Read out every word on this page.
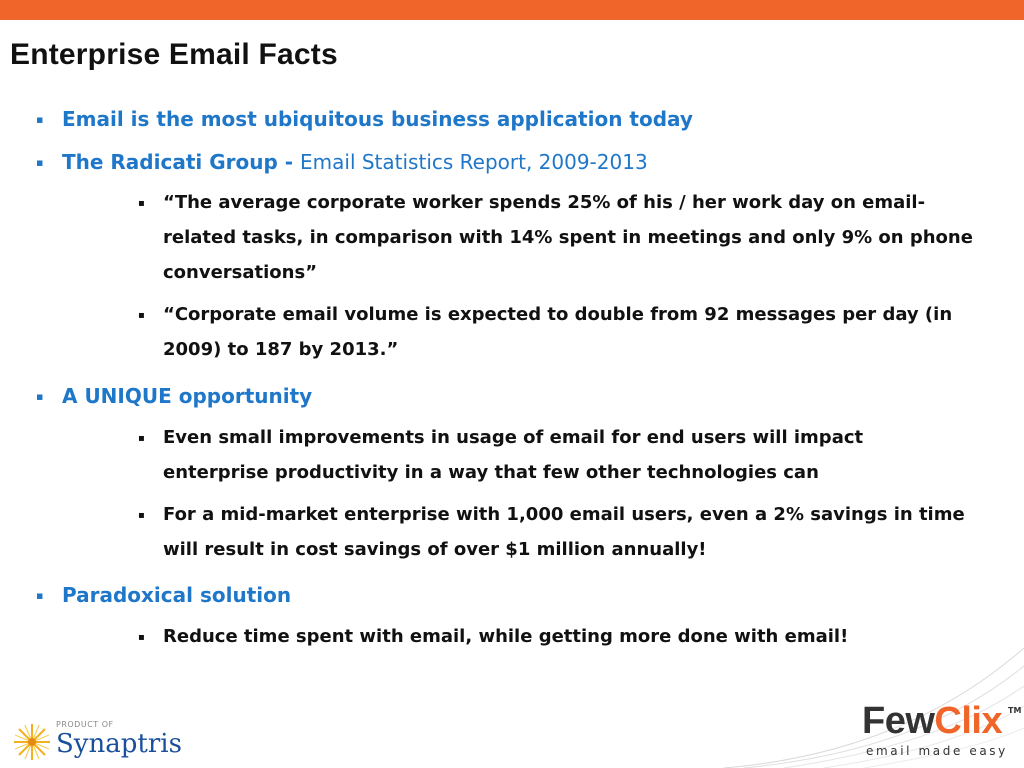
Enterprise Email Facts
▪ Email is the most ubiquitous business application today
▪ The Radicati Group - Email Statistics Report, 2009-2013
▪	“The average corporate worker spends 25% of his / her work day on email-related tasks, in comparison with 14% spent in meetings and only 9% on phone conversations”
▪	“Corporate email volume is expected to double from 92 messages per day (in 2009) to 187 by 2013.”
▪ A UNIQUE opportunity
▪	Even small improvements in usage of email for end users will impact enterprise productivity in a way that few other technologies can
▪	For a mid-market enterprise with 1,000 email users, even a 2% savings in time will result in cost savings of over $1 million annually!
▪ Paradoxical solution
▪	Reduce time spent with email, while getting more done with email!
PRODUCT OF
Synaptris
FewClix TM
email made easy
